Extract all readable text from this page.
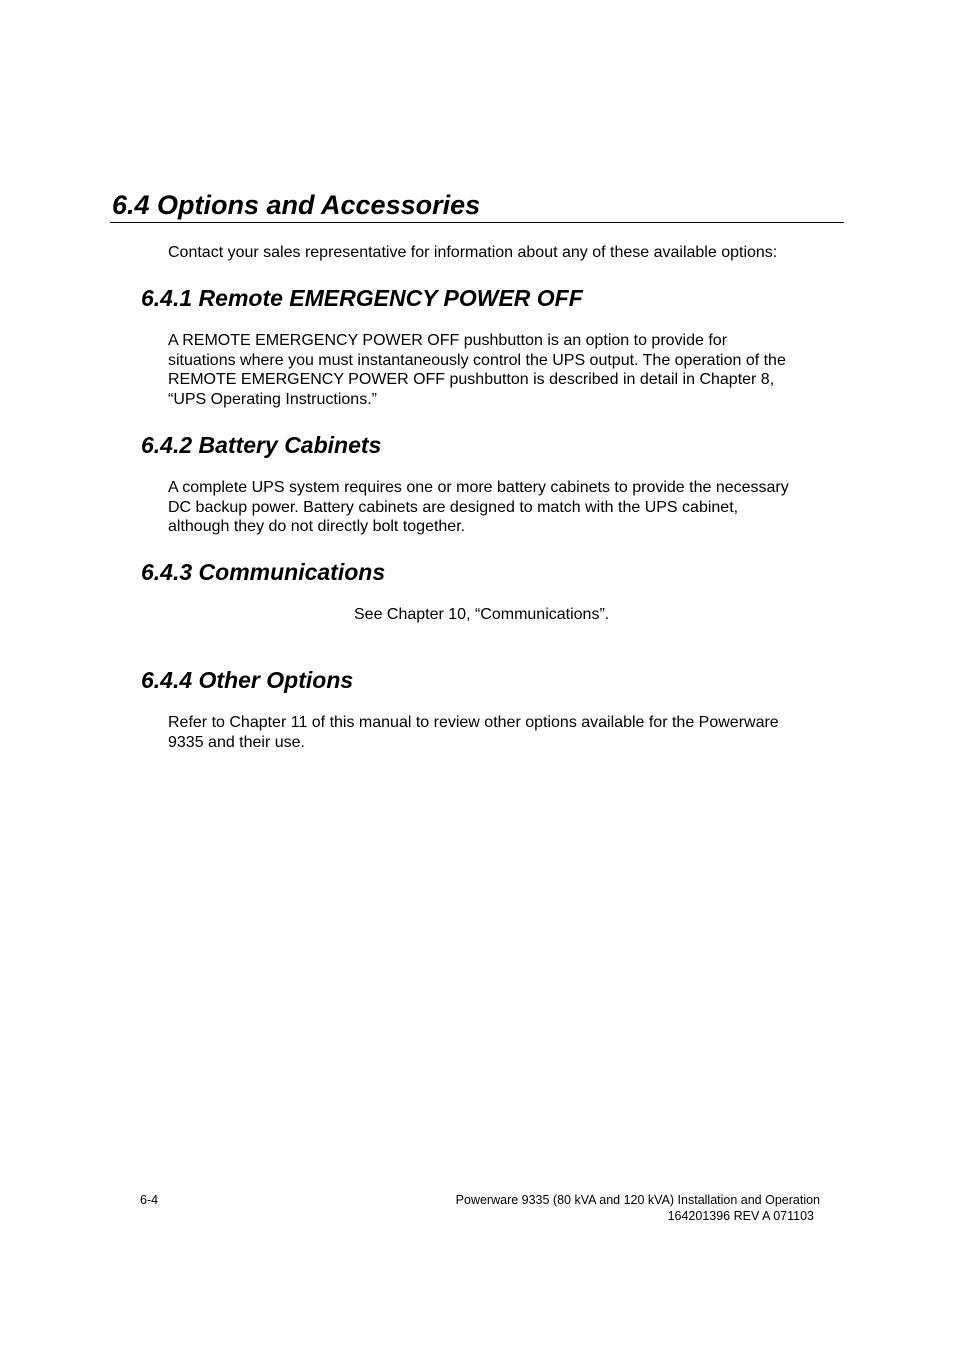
6.4 Options and Accessories
Contact your sales representative for information about any of these available options:
6.4.1 Remote EMERGENCY POWER OFF
A REMOTE EMERGENCY POWER OFF pushbutton is an option to provide for
situations where you must instantaneously control the UPS output. The operation of the
REMOTE EMERGENCY POWER OFF pushbutton is described in detail in Chapter 8,
“UPS Operating Instructions.”
6.4.2 Battery Cabinets
A complete UPS system requires one or more battery cabinets to provide the necessary
DC backup power. Battery cabinets are designed to match with the UPS cabinet,
although they do not directly bolt together.
6.4.3 Communications
See Chapter 10, “Communications”.
6.4.4 Other Options
Refer to Chapter 11 of this manual to review other options available for the Powerware
9335 and their use.
6-4	Powerware 9335 (80 kVA and 120 kVA) Installation and Operation
164201396 REV A 071103
